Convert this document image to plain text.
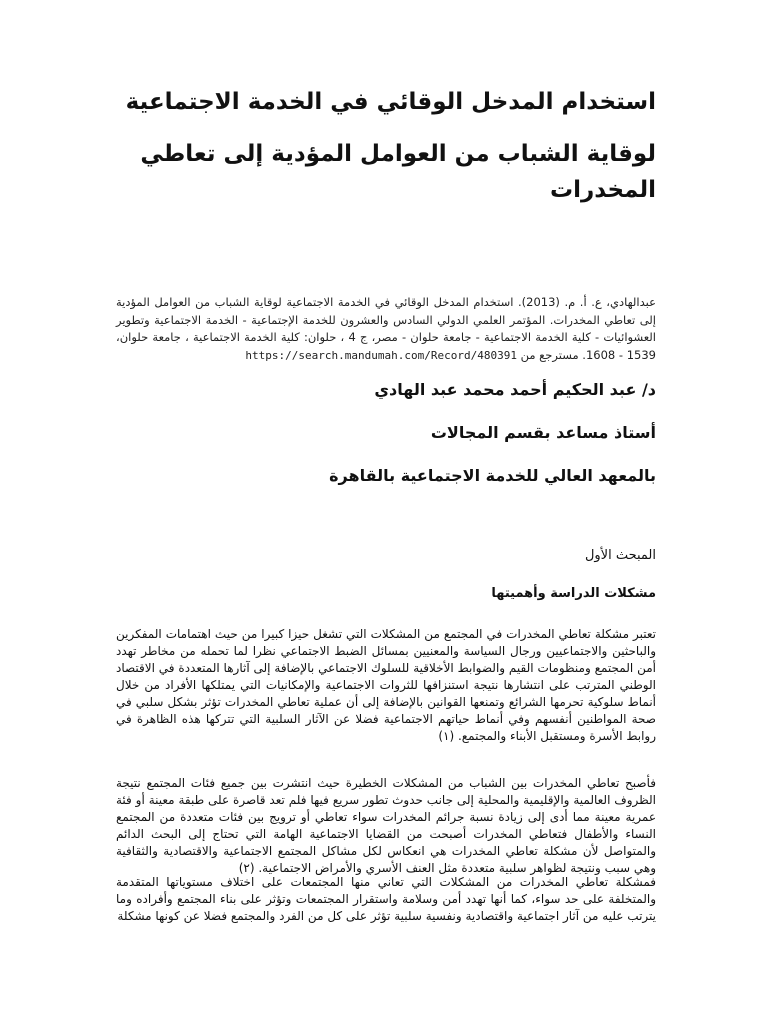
استخدام المدخل الوقائي في الخدمة الاجتماعية
لوقاية الشباب من العوامل المؤدية إلى تعاطي المخدرات

عبدالهادي، ع. أ. م. (2013). استخدام المدخل الوقائي في الخدمة الاجتماعية لوقاية الشباب من العوامل المؤدية إلى تعاطي المخدرات. المؤتمر العلمي الدولي السادس والعشرون للخدمة الإجتماعية - الخدمة الاجتماعية وتطوير العشوائيات - كلية الخدمة الاجتماعية - جامعة حلوان - مصر، ج 4 ، حلوان: كلية الخدمة الاجتماعية ، جامعة حلوان، 1539 - 1608. مسترجع من https://search.mandumah.com/Record/480391

د/ عبد الحكيم أحمد محمد عبد الهادي

أستاذ مساعد بقسم المجالات

بالمعهد العالي للخدمة الاجتماعية بالقاهرة

المبحث الأول

مشكلات الدراسة وأهميتها

تعتبر مشكلة تعاطي المخدرات في المجتمع من المشكلات التي تشغل حيزا كبيرا من حيث اهتمامات المفكرين والباحثين والاجتماعيين ورجال السياسة والمعنيين بمسائل الضبط الاجتماعي نظرا لما تحمله من مخاطر تهدد أمن المجتمع ومنظومات القيم والضوابط الأخلاقية للسلوك الاجتماعي بالإضافة إلى آثارها المتعددة في الاقتصاد الوطني المترتب على انتشارها نتيجة استنزافها للثروات الاجتماعية والإمكانيات التي يمتلكها الأفراد من خلال أنماط سلوكية تحرمها الشرائع وتمنعها القوانين بالإضافة إلى أن عملية تعاطي المخدرات تؤثر بشكل سلبي في صحة المواطنين أنفسهم وفي أنماط حياتهم الاجتماعية فضلا عن الآثار السلبية التي تتركها هذه الظاهرة في روابط الأسرة ومستقبل الأبناء والمجتمع. (١)

فأصبح تعاطي المخدرات بين الشباب من المشكلات الخطيرة حيث انتشرت بين جميع فئات المجتمع نتيجة الظروف العالمية والإقليمية والمحلية إلى جانب حدوث تطور سريع فيها فلم تعد قاصرة على طبقة معينة أو فئة عمرية معينة مما أدى إلى زيادة نسبة جرائم المخدرات سواء تعاطي أو ترويج بين فئات متعددة من المجتمع النساء والأطفال فتعاطي المخدرات أصبحت من القضايا الاجتماعية الهامة التي تحتاج إلى البحث الدائم والمتواصل لأن مشكلة تعاطي المخدرات هي انعكاس لكل مشاكل المجتمع الاجتماعية والاقتصادية والثقافية وهي سبب ونتيجة لظواهر سلبية متعددة مثل العنف الأسري والأمراض الاجتماعية. (٢)

فمشكلة تعاطي المخدرات من المشكلات التي تعاني منها المجتمعات على اختلاف مستوياتها المتقدمة والمتخلفة على حد سواء، كما أنها تهدد أمن وسلامة واستقرار المجتمعات وتؤثر على بناء المجتمع وأفراده وما يترتب عليه من آثار اجتماعية واقتصادية ونفسية سلبية تؤثر على كل من الفرد والمجتمع فضلا عن كونها مشكلة
